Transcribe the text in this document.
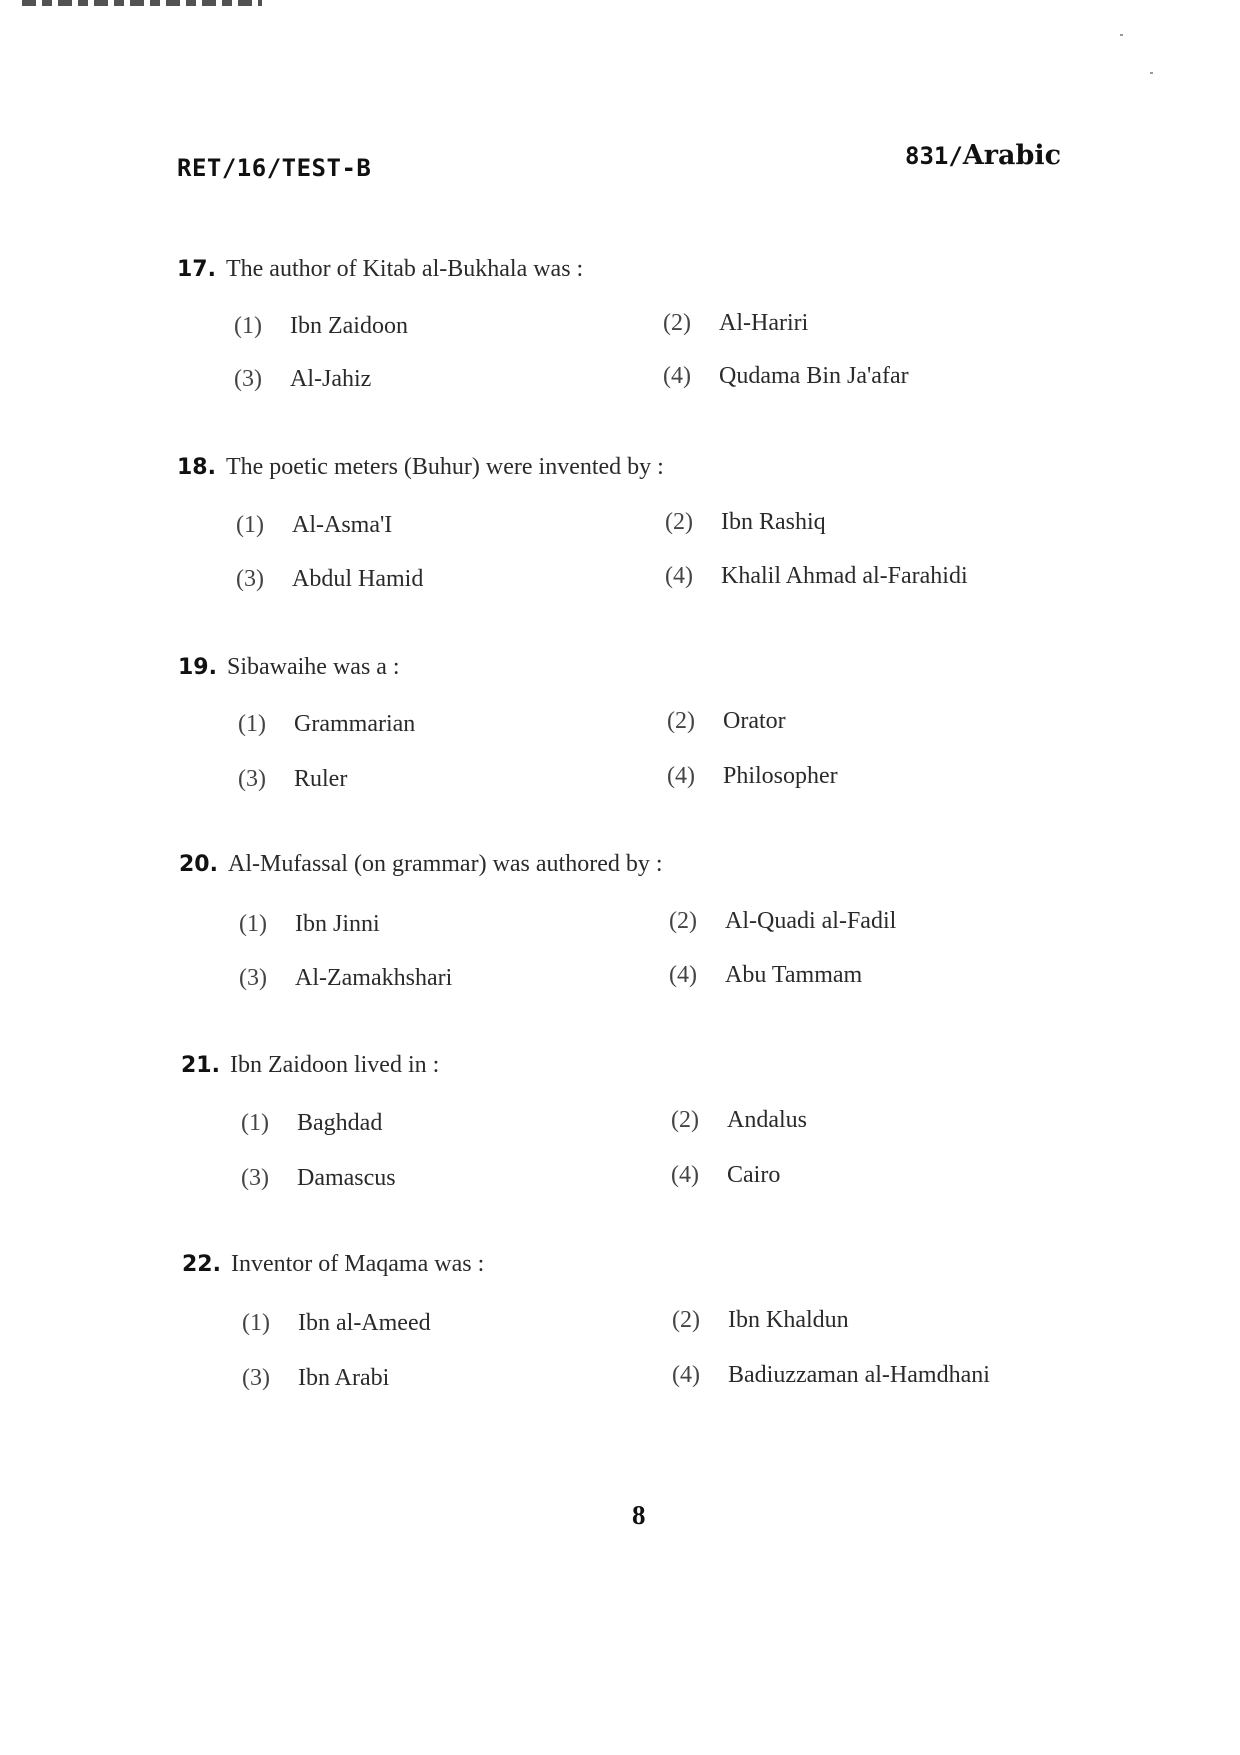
RET/16/TEST-B	831/Arabic
17. The author of Kitab al-Bukhala was :
(1) Ibn Zaidoon	(2) Al-Hariri
(3) Al-Jahiz	(4) Qudama Bin Ja'afar
18. The poetic meters (Buhur) were invented by :
(1) Al-Asma'I	(2) Ibn Rashiq
(3) Abdul Hamid	(4) Khalil Ahmad al-Farahidi
19. Sibawaihe was a :
(1) Grammarian	(2) Orator
(3) Ruler	(4) Philosopher
20. Al-Mufassal (on grammar) was authored by :
(1) Ibn Jinni	(2) Al-Quadi al-Fadil
(3) Al-Zamakhshari	(4) Abu Tammam
21. Ibn Zaidoon lived in :
(1) Baghdad	(2) Andalus
(3) Damascus	(4) Cairo
22. Inventor of Maqama was :
(1) Ibn al-Ameed	(2) Ibn Khaldun
(3) Ibn Arabi	(4) Badiuzzaman al-Hamdhani
8
